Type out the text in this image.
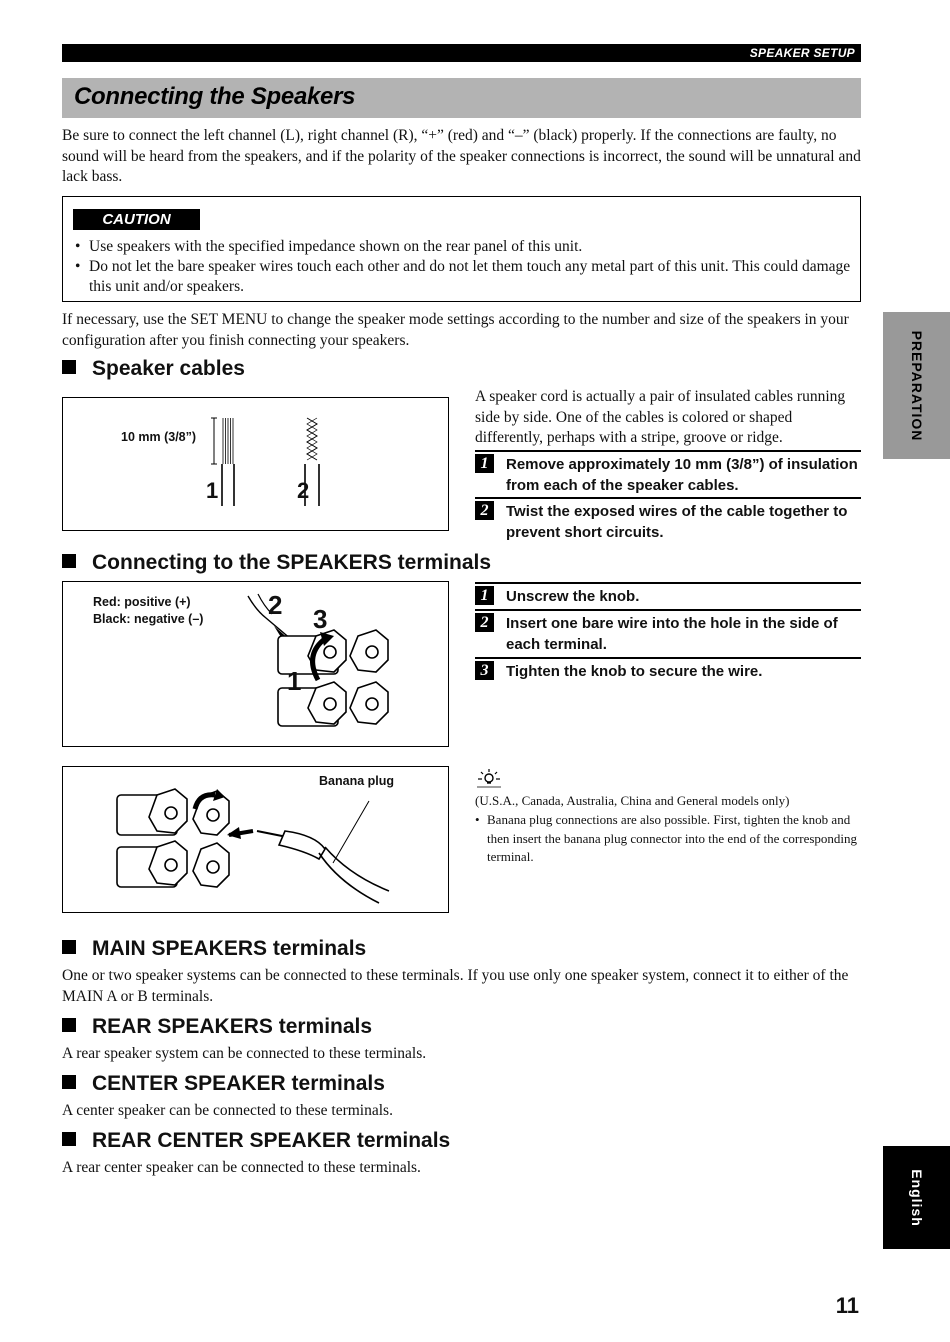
SPEAKER SETUP
Connecting the Speakers
Be sure to connect the left channel (L), right channel (R), “+” (red) and “–” (black) properly. If the connections are faulty, no sound will be heard from the speakers, and if the polarity of the speaker connections is incorrect, the sound will be unnatural and lack bass.
CAUTION
• Use speakers with the specified impedance shown on the rear panel of this unit.
• Do not let the bare speaker wires touch each other and do not let them touch any metal part of this unit. This could damage this unit and/or speakers.
If necessary, use the SET MENU to change the speaker mode settings according to the number and size of the speakers in your configuration after you finish connecting your speakers.
Speaker cables
10 mm (3/8”)
1	2
A speaker cord is actually a pair of insulated cables running side by side. One of the cables is colored or shaped differently, perhaps with a stripe, groove or ridge.
1	Remove approximately 10 mm (3/8”) of insulation from each of the speaker cables.
2	Twist the exposed wires of the cable together to prevent short circuits.
Connecting to the SPEAKERS terminals
Red: positive (+)
Black: negative (–) 2 3
1
1	Unscrew the knob.
2	Insert one bare wire into the hole in the side of each terminal.
3	Tighten the knob to secure the wire.
Banana plug
(U.S.A., Canada, Australia, China and General models only)
• Banana plug connections are also possible. First, tighten the knob and then insert the banana plug connector into the end of the corresponding terminal.
MAIN SPEAKERS terminals
One or two speaker systems can be connected to these terminals. If you use only one speaker system, connect it to either of the MAIN A or B terminals.
REAR SPEAKERS terminals
A rear speaker system can be connected to these terminals.
CENTER SPEAKER terminals
A center speaker can be connected to these terminals.
REAR CENTER SPEAKER terminals
A rear center speaker can be connected to these terminals.
PREPARATION
English
11
